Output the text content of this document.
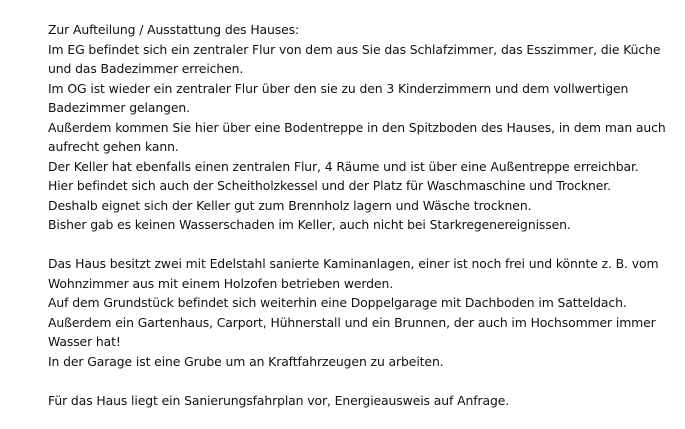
Zur Aufteilung / Ausstattung des Hauses:
Im EG befindet sich ein zentraler Flur von dem aus Sie das Schlafzimmer, das Esszimmer, die Küche
und das Badezimmer erreichen.
Im OG ist wieder ein zentraler Flur über den sie zu den 3 Kinderzimmern und dem vollwertigen
Badezimmer gelangen.
Außerdem kommen Sie hier über eine Bodentreppe in den Spitzboden des Hauses, in dem man auch
aufrecht gehen kann.
Der Keller hat ebenfalls einen zentralen Flur, 4 Räume und ist über eine Außentreppe erreichbar.
Hier befindet sich auch der Scheitholzkessel und der Platz für Waschmaschine und Trockner.
Deshalb eignet sich der Keller gut zum Brennholz lagern und Wäsche trocknen.
Bisher gab es keinen Wasserschaden im Keller, auch nicht bei Starkregenereignissen.
Das Haus besitzt zwei mit Edelstahl sanierte Kaminanlagen, einer ist noch frei und könnte z. B. vom
Wohnzimmer aus mit einem Holzofen betrieben werden.
Auf dem Grundstück befindet sich weiterhin eine Doppelgarage mit Dachboden im Satteldach.
Außerdem ein Gartenhaus, Carport, Hühnerstall und ein Brunnen, der auch im Hochsommer immer
Wasser hat!
In der Garage ist eine Grube um an Kraftfahrzeugen zu arbeiten.
Für das Haus liegt ein Sanierungsfahrplan vor, Energieausweis auf Anfrage.
